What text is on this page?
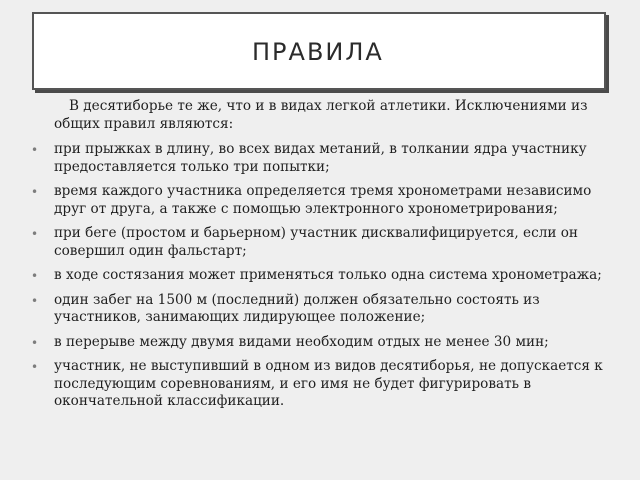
ПРАВИЛА

В десятиборье те же, что и в видах легкой атлетики. Исключениями из общих правил являются:

• при прыжках в длину, во всех видах метаний, в толкании ядра участнику предоставляется только три попытки;
• время каждого участника определяется тремя хронометрами независимо друг от друга, а также с помощью электронного хронометрирования;
• при беге (простом и барьерном) участник дисквалифицируется, если он совершил один фальстарт;
• в ходе состязания может применяться только одна система хронометража;
• один забег на 1500 м (последний) должен обязательно состоять из участников, занимающих лидирующее положение;
• в перерыве между двумя видами необходим отдых не менее 30 мин;
• участник, не выступивший в одном из видов десятиборья, не допускается к последующим соревнованиям, и его имя не будет фигурировать в окончательной классификации.
